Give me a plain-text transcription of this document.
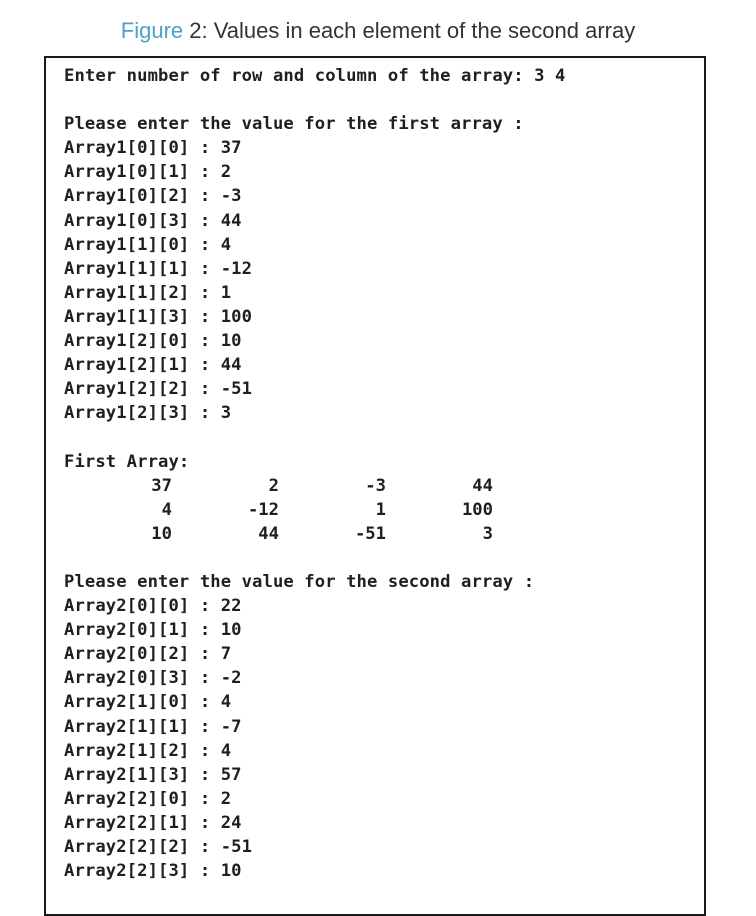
Figure 2: Values in each element of the second array
Enter number of row and column of the array: 3 4
Please enter the value for the first array :
Array1[0][0] : 37
Array1[0][1] : 2
Array1[0][2] : -3
Array1[0][3] : 44
Array1[1][0] : 4
Array1[1][1] : -12
Array1[1][2] : 1
Array1[1][3] : 100
Array1[2][0] : 10
Array1[2][1] : 44
Array1[2][2] : -51
Array1[2][3] : 3
First Array:
37	2	-3	44
4	-12	1	100
10	44	-51	3
Please enter the value for the second array :
Array2[0][0] : 22
Array2[0][1] : 10
Array2[0][2] : 7
Array2[0][3] : -2
Array2[1][0] : 4
Array2[1][1] : -7
Array2[1][2] : 4
Array2[1][3] : 57
Array2[2][0] : 2
Array2[2][1] : 24
Array2[2][2] : -51
Array2[2][3] : 10
